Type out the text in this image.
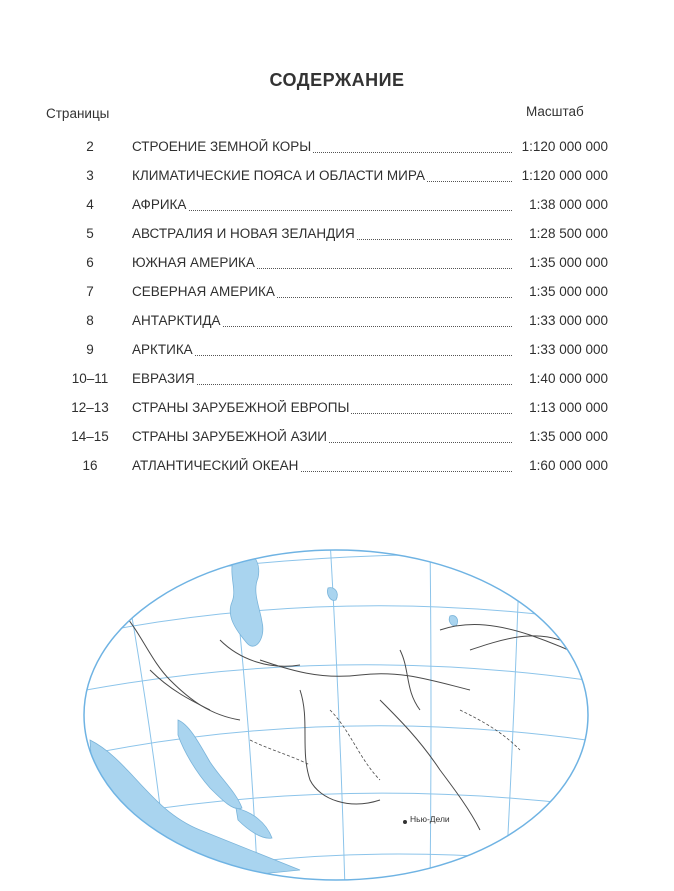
СОДЕРЖАНИЕ
Страницы	Масштаб
2	СТРОЕНИЕ ЗЕМНОЙ КОРЫ	1:120 000 000
3	КЛИМАТИЧЕСКИЕ ПОЯСА И ОБЛАСТИ МИРА	1:120 000 000
4	АФРИКА	1:38 000 000
5	АВСТРАЛИЯ И НОВАЯ ЗЕЛАНДИЯ	1:28 500 000
6	ЮЖНАЯ АМЕРИКА	1:35 000 000
7	СЕВЕРНАЯ АМЕРИКА	1:35 000 000
8	АНТАРКТИДА	1:33 000 000
9	АРКТИКА	1:33 000 000
10–11	ЕВРАЗИЯ	1:40 000 000
12–13	СТРАНЫ ЗАРУБЕЖНОЙ ЕВРОПЫ	1:13 000 000
14–15	СТРАНЫ ЗАРУБЕЖНОЙ АЗИИ	1:35 000 000
16	АТЛАНТИЧЕСКИЙ ОКЕАН	1:60 000 000
Нью-Дели
